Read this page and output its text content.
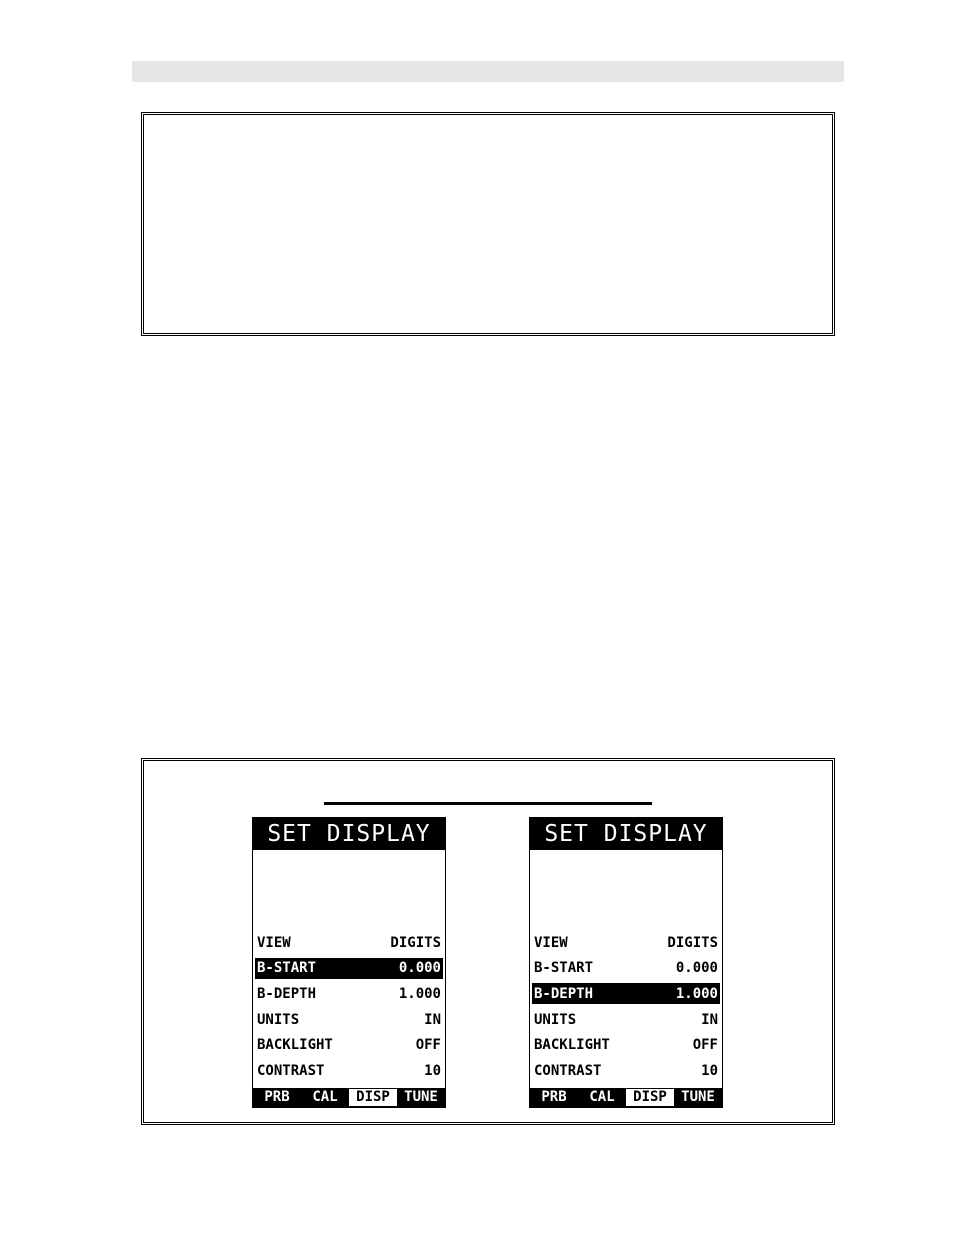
SET DISPLAY
VIEW	DIGITS
B-START	0.000
B-DEPTH	1.000
UNITS	IN
BACKLIGHT	OFF
CONTRAST	10
PRB	CAL	DISP	TUNE
SET DISPLAY
VIEW	DIGITS
B-START	0.000
B-DEPTH	1.000
UNITS	IN
BACKLIGHT	OFF
CONTRAST	10
PRB	CAL	DISP	TUNE
